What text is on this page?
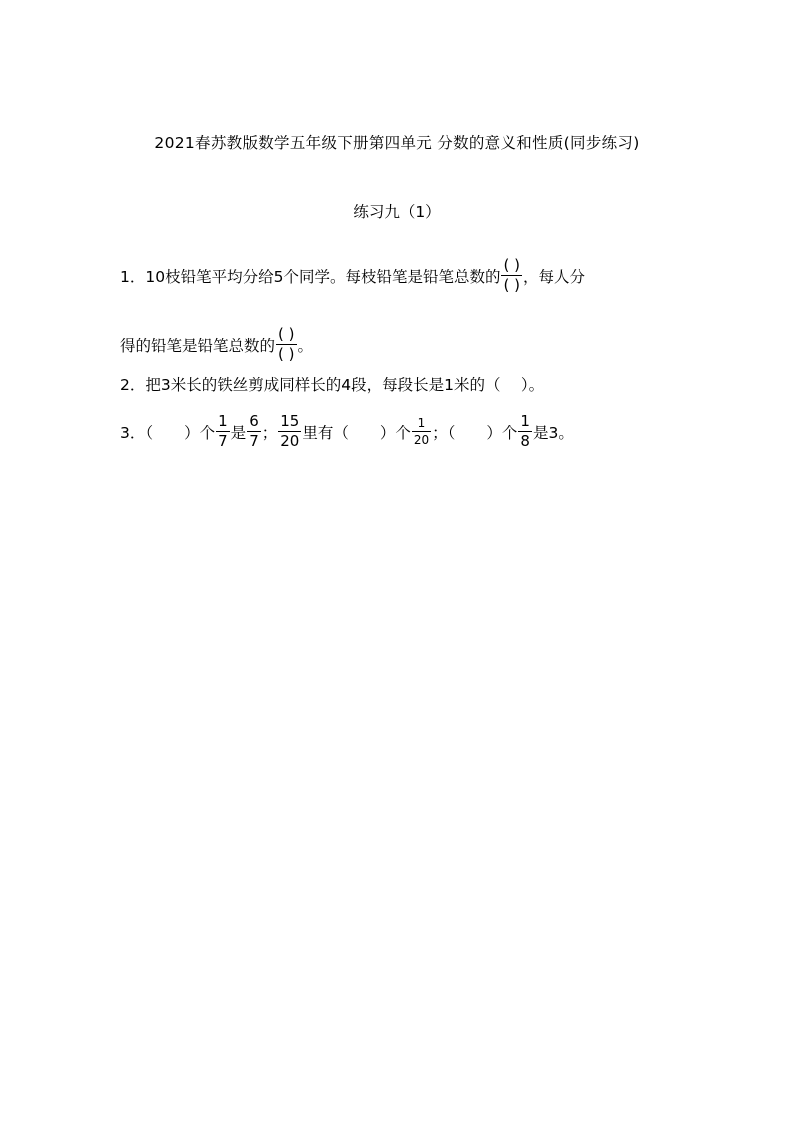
2021春苏教版数学五年级下册第四单元 分数的意义和性质(同步练习)
练习九（1）
1．10枝铅笔平均分给5个同学。每枝铅笔是铅笔总数的 $\frac{( )}{( )}$ ，每人分
得的铅笔是铅笔总数的 $\frac{( )}{( )}$ 。
2．把3米长的铁丝剪成同样长的4段，每段长是1米的（　 ）。
3．（　　）个 $\frac{1}{7}$ 是 $\frac{6}{7}$ ； $\frac{15}{20}$ 里有（　　）个 $\frac{1}{20}$ ；（　　）个 $\frac{1}{8}$ 是3。
